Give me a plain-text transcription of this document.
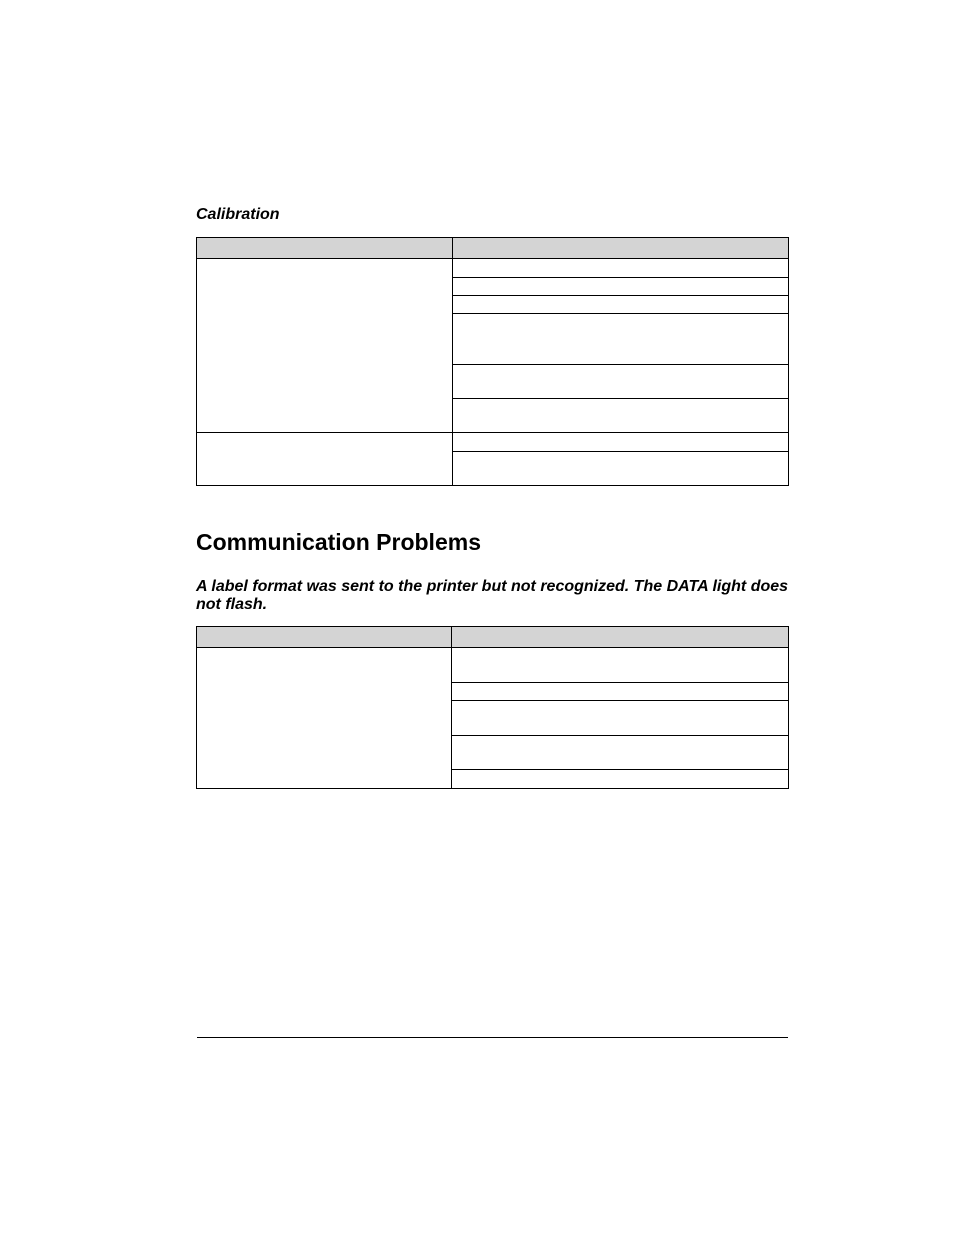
Calibration

Communication Problems
A label format was sent to the printer but not recognized. The DATA light does not flash.
